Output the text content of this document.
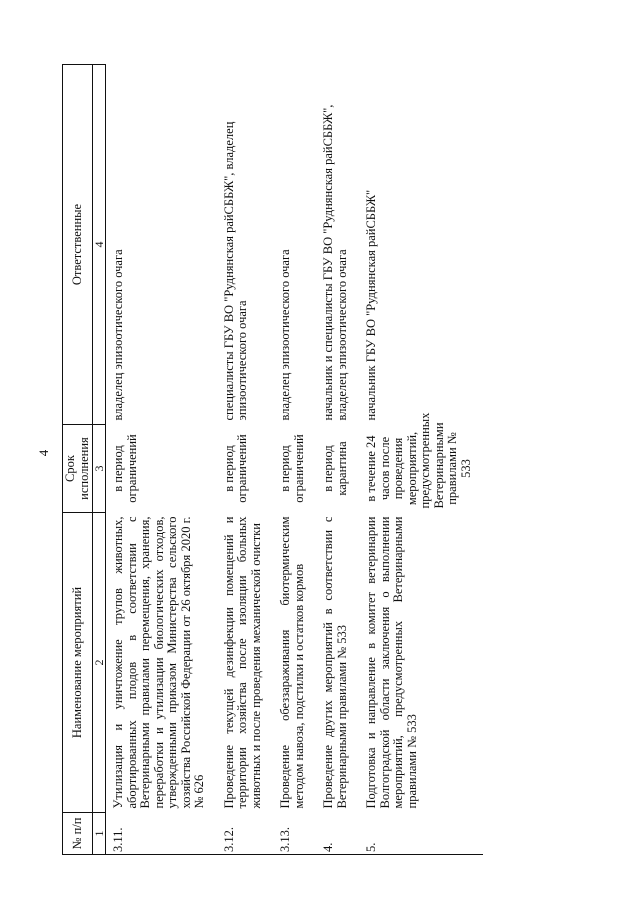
4
№ п/п	Наименование мероприятий	Срок исполнения	Ответственные
1	2	3	4
3.11.	Утилизация и уничтожение трупов животных, абортированных плодов в соответствии с Ветеринарными правилами перемещения, хранения, переработки и утилизации биологических отходов, утвержденными приказом Министерства сельского хозяйства Российской Федерации от 26 октября 2020 г. № 626	в период ограничений	владелец эпизоотического очага
3.12.	Проведение текущей дезинфекции помещений и территории хозяйства после изоляции больных животных и после проведения механической очистки	в период ограничений	специалисты ГБУ ВО "Руднянская райСББЖ", владелец эпизоотического очага
3.13.	Проведение обеззараживания биотермическим методом навоза, подстилки и остатков кормов	в период ограничений	владелец эпизоотического очага
4.	Проведение других мероприятий в соответствии с Ветеринарными правилами № 533	в период карантина	начальник и специалисты ГБУ ВО "Руднянская райСББЖ", владелец эпизоотического очага
5.	Подготовка и направление в комитет ветеринарии Волгоградской области заключения о выполнении мероприятий, предусмотренных Ветеринарными правилами № 533	в течение 24 часов после проведения мероприятий, предусмотренных Ветеринарными правилами № 533	начальник ГБУ ВО "Руднянская райСББЖ"
